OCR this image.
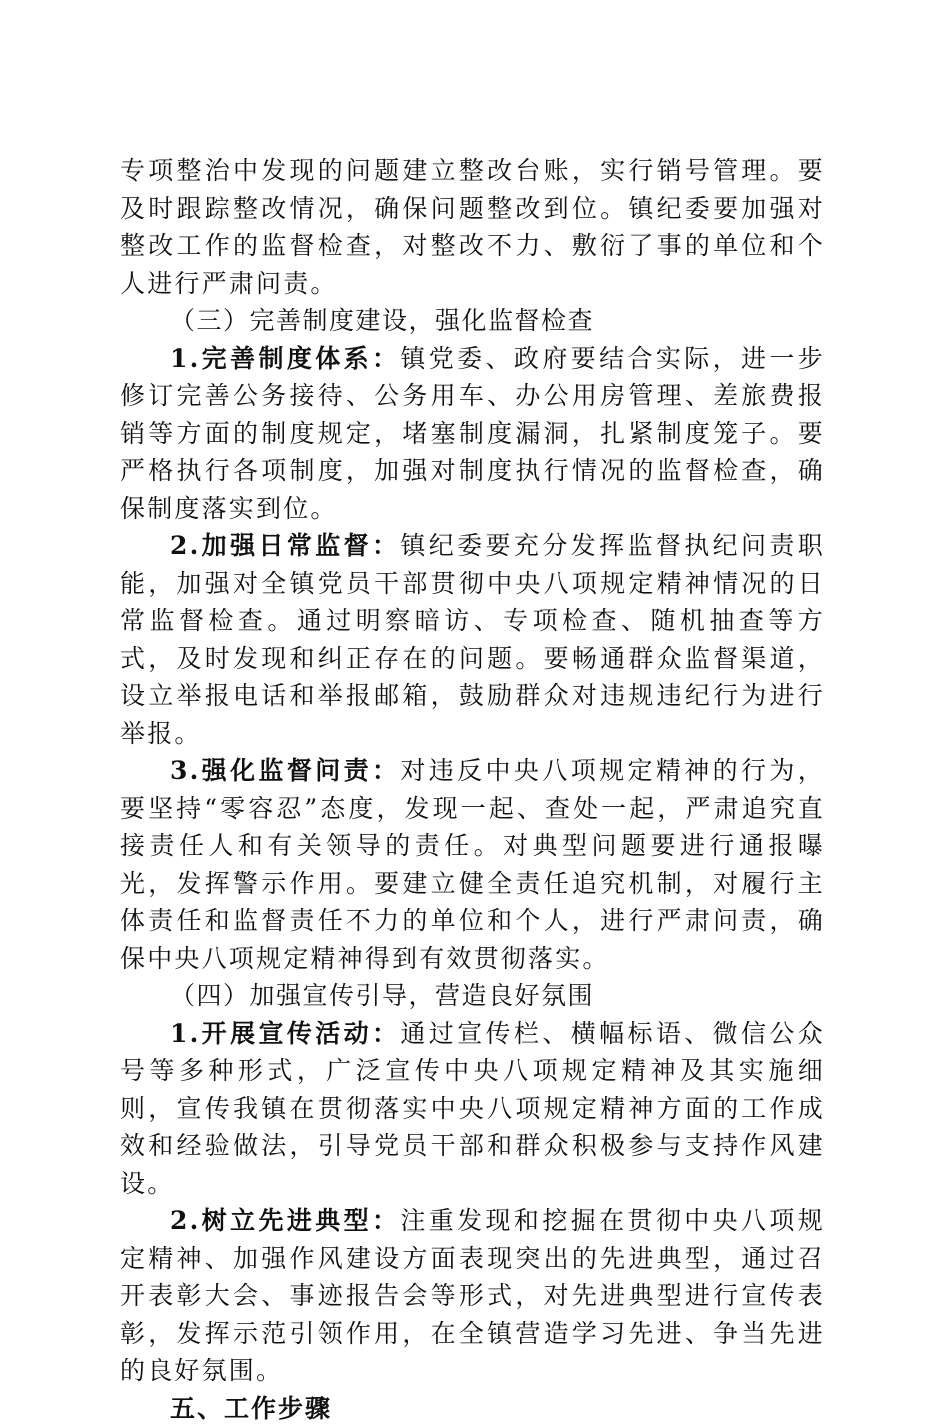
专项整治中发现的问题建立整改台账，实行销号管理。要及时跟踪整改情况，确保问题整改到位。镇纪委要加强对整改工作的监督检查，对整改不力、敷衍了事的单位和个人进行严肃问责。

（三）完善制度建设，强化监督检查

1.完善制度体系：镇党委、政府要结合实际，进一步修订完善公务接待、公务用车、办公用房管理、差旅费报销等方面的制度规定，堵塞制度漏洞，扎紧制度笼子。要严格执行各项制度，加强对制度执行情况的监督检查，确保制度落实到位。

2.加强日常监督：镇纪委要充分发挥监督执纪问责职能，加强对全镇党员干部贯彻中央八项规定精神情况的日常监督检查。通过明察暗访、专项检查、随机抽查等方式，及时发现和纠正存在的问题。要畅通群众监督渠道，设立举报电话和举报邮箱，鼓励群众对违规违纪行为进行举报。

3.强化监督问责：对违反中央八项规定精神的行为，要坚持“零容忍”态度，发现一起、查处一起，严肃追究直接责任人和有关领导的责任。对典型问题要进行通报曝光，发挥警示作用。要建立健全责任追究机制，对履行主体责任和监督责任不力的单位和个人，进行严肃问责，确保中央八项规定精神得到有效贯彻落实。

（四）加强宣传引导，营造良好氛围

1.开展宣传活动：通过宣传栏、横幅标语、微信公众号等多种形式，广泛宣传中央八项规定精神及其实施细则，宣传我镇在贯彻落实中央八项规定精神方面的工作成效和经验做法，引导党员干部和群众积极参与支持作风建设。

2.树立先进典型：注重发现和挖掘在贯彻中央八项规定精神、加强作风建设方面表现突出的先进典型，通过召开表彰大会、事迹报告会等形式，对先进典型进行宣传表彰，发挥示范引领作用，在全镇营造学习先进、争当先进的良好氛围。

五、工作步骤
